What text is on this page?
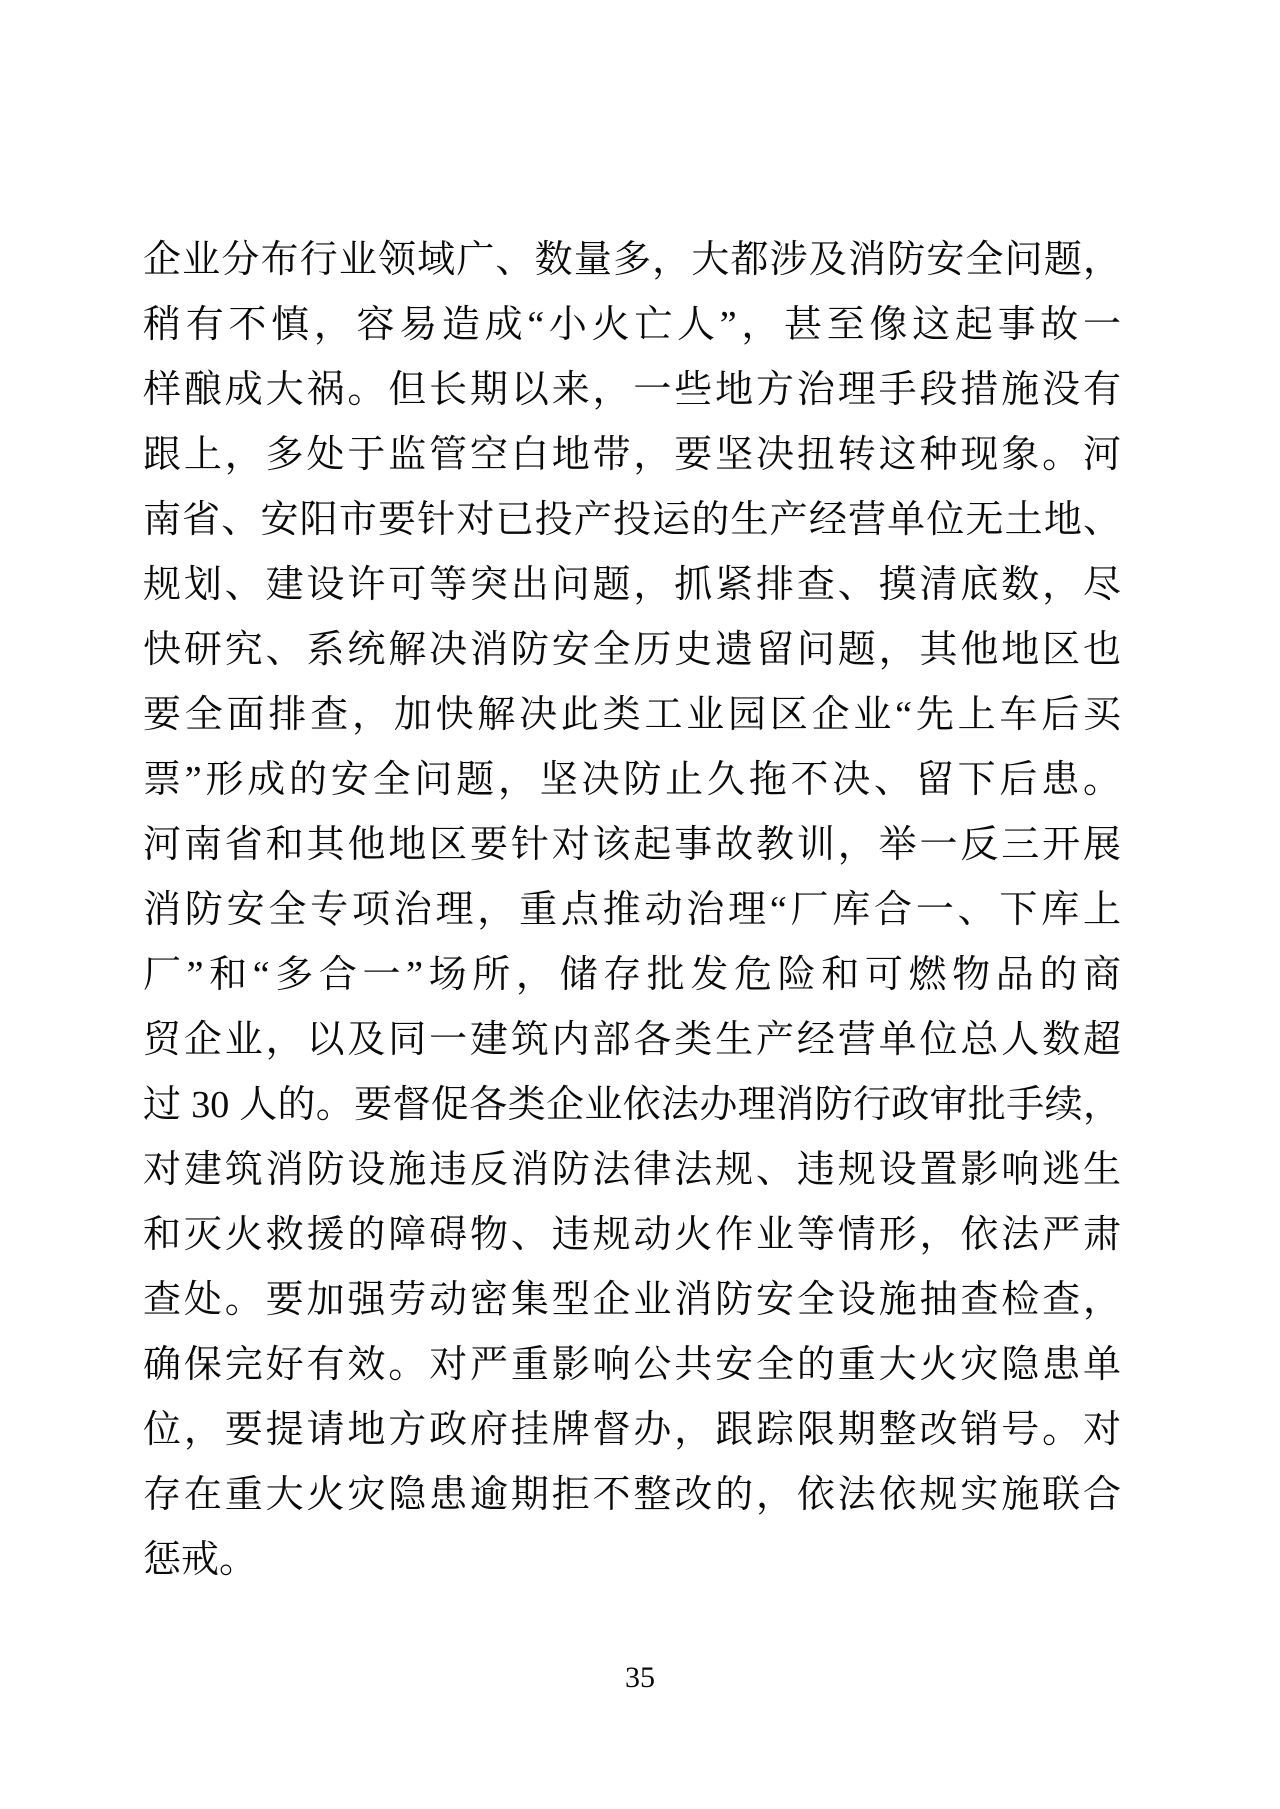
企业分布行业领域广、数量多，大都涉及消防安全问题，
稍有不慎，容易造成“小火亡人”，甚至像这起事故一
样酿成大祸。但长期以来，一些地方治理手段措施没有
跟上，多处于监管空白地带，要坚决扭转这种现象。河
南省、安阳市要针对已投产投运的生产经营单位无土地、
规划、建设许可等突出问题，抓紧排查、摸清底数，尽
快研究、系统解决消防安全历史遗留问题，其他地区也
要全面排查，加快解决此类工业园区企业“先上车后买
票”形成的安全问题，坚决防止久拖不决、留下后患。
河南省和其他地区要针对该起事故教训，举一反三开展
消防安全专项治理，重点推动治理“厂库合一、下库上
厂”和“多合一”场所，储存批发危险和可燃物品的商
贸企业，以及同一建筑内部各类生产经营单位总人数超
过 30 人的。要督促各类企业依法办理消防行政审批手续，
对建筑消防设施违反消防法律法规、违规设置影响逃生
和灭火救援的障碍物、违规动火作业等情形，依法严肃
查处。要加强劳动密集型企业消防安全设施抽查检查，
确保完好有效。对严重影响公共安全的重大火灾隐患单
位，要提请地方政府挂牌督办，跟踪限期整改销号。对
存在重大火灾隐患逾期拒不整改的，依法依规实施联合
惩戒。
35
